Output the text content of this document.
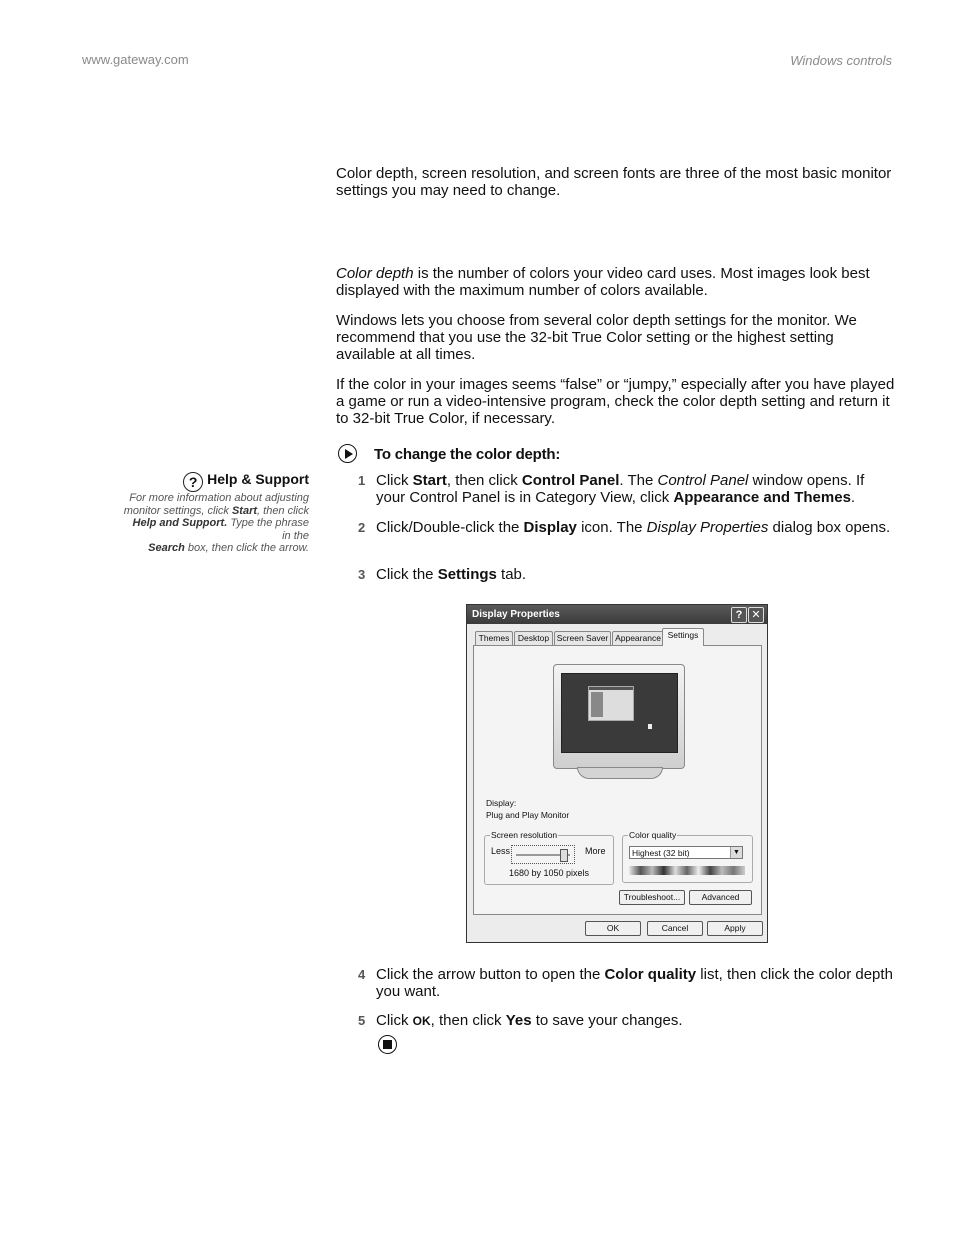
www.gateway.com	Windows controls

Color depth, screen resolution, and screen fonts are three of the most basic monitor settings you may need to change.

Color depth is the number of colors your video card uses. Most images look best displayed with the maximum number of colors available.

Windows lets you choose from several color depth settings for the monitor. We recommend that you use the 32-bit True Color setting or the highest setting available at all times.

If the color in your images seems “false” or “jumpy,” especially after you have played a game or run a video-intensive program, check the color depth setting and return it to 32-bit True Color, if necessary.

? Help & Support
For more information about adjusting monitor settings, click Start, then click
Help and Support. Type the phrase
in the
Search box, then click the arrow.
To change the color depth:
1 Click Start, then click Control Panel. The Control Panel window opens. If your Control Panel is in Category View, click Appearance and Themes.
2 Click/Double-click the Display icon. The Display Properties dialog box opens.
3 Click the Settings tab.
Display Properties	? ✕
Themes	Desktop Screen Saver Appearance Settings
Display:
Plug and Play Monitor
Screen resolution
Less	More
1680 by 1050 pixels
Color quality
Highest (32 bit)	▼
Troubleshoot...	Advanced
OK	Cancel	Apply
4 Click the arrow button to open the Color quality list, then click the color depth you want.
5 Click OK, then click Yes to save your changes.
